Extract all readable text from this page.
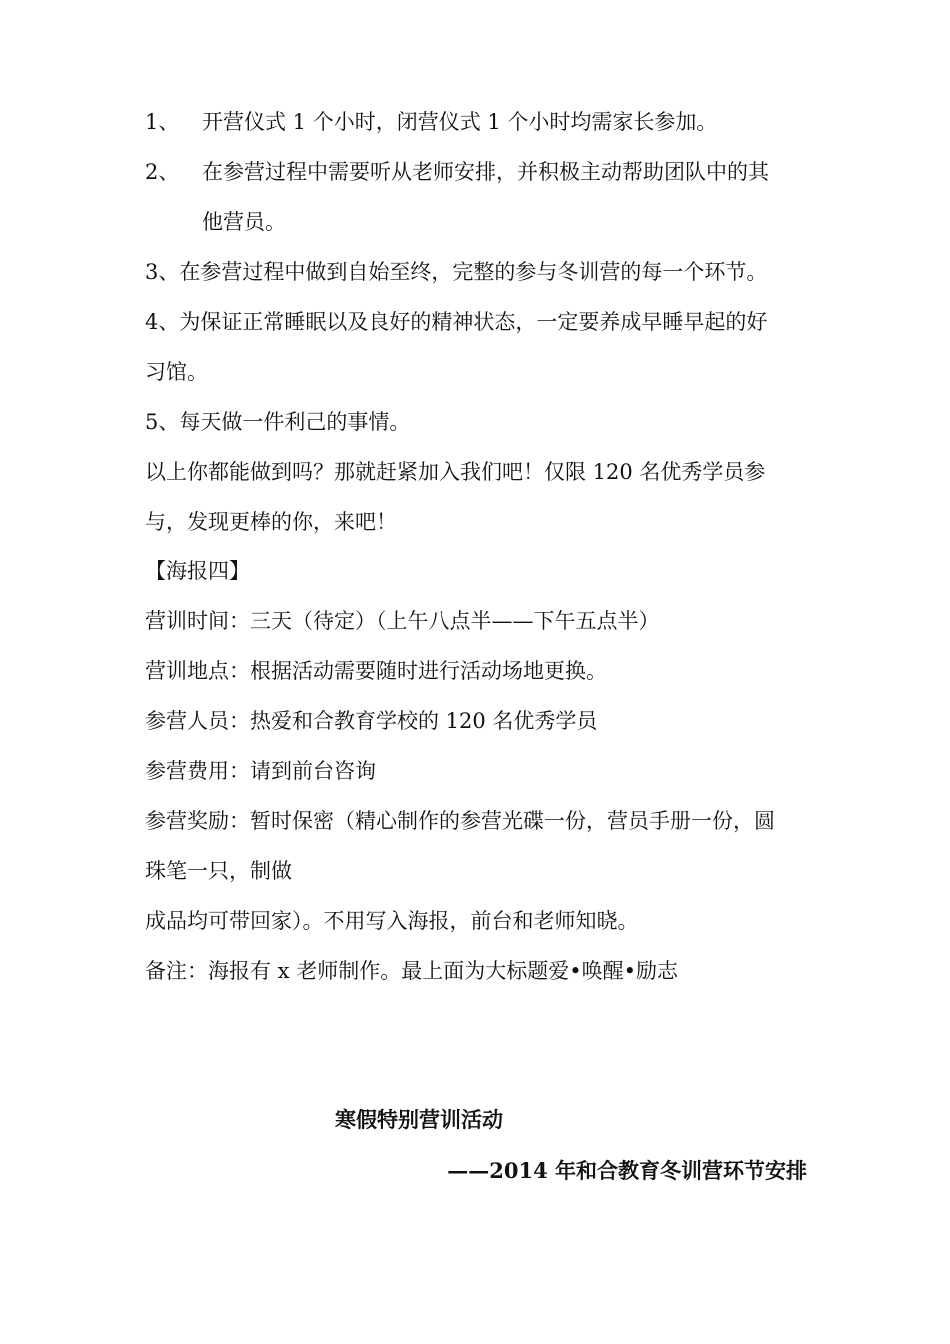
1、 开营仪式 1 个小时，闭营仪式 1 个小时均需家长参加。
2、 在参营过程中需要听从老师安排，并积极主动帮助团队中的其
他营员。
3、在参营过程中做到自始至终，完整的参与冬训营的每一个环节。
4、为保证正常睡眠以及良好的精神状态，一定要养成早睡早起的好
习馆。
5、每天做一件利己的事情。
以上你都能做到吗？那就赶紧加入我们吧！仅限 120 名优秀学员参
与，发现更棒的你，来吧！
【海报四】
营训时间：三天（待定）（上午八点半——下午五点半）
营训地点：根据活动需要随时进行活动场地更换。
参营人员：热爱和合教育学校的 120 名优秀学员
参营费用：请到前台咨询
参营奖励：暂时保密（精心制作的参营光碟一份，营员手册一份，圆
珠笔一只，制做
成品均可带回家）。不用写入海报，前台和老师知晓。
备注：海报有 x 老师制作。最上面为大标题爱•唤醒•励志
寒假特别营训活动
——2014 年和合教育冬训营环节安排
